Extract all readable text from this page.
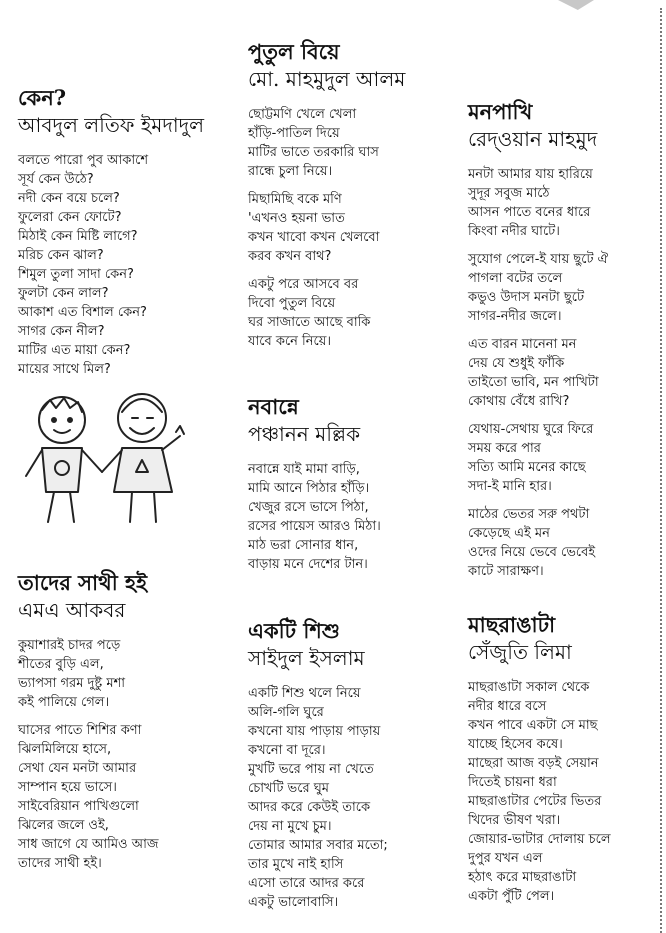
কেন?
আবদুল লতিফ ইমদাদুল
বলতে পারো পুব আকাশে
সূর্য কেন উঠে?
নদী কেন বয়ে চলে?
ফুলেরা কেন ফোটে?
মিঠাই কেন মিষ্টি লাগে?
মরিচ কেন ঝাল?
শিমুল তুলা সাদা কেন?
ফুলটা কেন লাল?
আকাশ এত বিশাল কেন?
সাগর কেন নীল?
মাটির এত মায়া কেন?
মায়ের সাথে মিল?
তাদের সাথী হই
এমএ আকবর
কুয়াশারই চাদর পড়ে
শীতের বুড়ি এল,
ভ্যাপসা গরম দুষ্টু মশা
কই পালিয়ে গেল।
ঘাসের পাতে শিশির কণা
ঝিলমিলিয়ে হাসে,
সেথা যেন মনটা আমার
সাম্পান হয়ে ভাসে।
সাইবেরিয়ান পাখিগুলো
ঝিলের জলে ওই,
সাধ জাগে যে আমিও আজ
তাদের সাথী হই।
পুতুল বিয়ে
মো. মাহমুদুল আলম
ছোট্টমণি খেলে খেলা
হাঁড়ি-পাতিল দিয়ে
মাটির ভাতে তরকারি ঘাস
রান্ধে চুলা নিয়ে।
মিছামিছি বকে মণি
'এখনও হয়না ভাত
কখন খাবো কখন খেলবো
করব কখন বাথ?
একটু পরে আসবে বর
দিবো পুতুল বিয়ে
ঘর সাজাতে আছে বাকি
যাবে কনে নিয়ে।
নবান্নে
পঞ্চানন মল্লিক
নবান্নে যাই মামা বাড়ি,
মামি আনে পিঠার হাঁড়ি।
খেজুর রসে ভাসে পিঠা,
রসের পায়েস আরও মিঠা।
মাঠ ভরা সোনার ধান,
বাড়ায় মনে দেশের টান।
একটি শিশু
সাইদুল ইসলাম
একটি শিশু থলে নিয়ে
অলি-গলি ঘুরে
কখনো যায় পাড়ায় পাড়ায়
কখনো বা দূরে।
মুখটি ভরে পায় না খেতে
চোখটি ভরে ঘুম
আদর করে কেউই তাকে
দেয় না মুখে চুম।
তোমার আমার সবার মতো;
তার মুখে নাই হাসি
এসো তারে আদর করে
একটু ভালোবাসি।
মনপাখি
রেদ্ওয়ান মাহমুদ
মনটা আমার যায় হারিয়ে
সুদূর সবুজ মাঠে
আসন পাতে বনের ধারে
কিংবা নদীর ঘাটে।
সুযোগ পেলে-ই যায় ছুটে ঐ
পাগলা বটের তলে
কভুও উদাস মনটা ছুটে
সাগর-নদীর জলে।
এত বারন মানেনা মন
দেয় যে শুধুই ফাঁকি
তাইতো ভাবি, মন পাখিটা
কোথায় বেঁধে রাখি?
যেথায়-সেথায় ঘুরে ফিরে
সময় করে পার
সত্যি আমি মনের কাছে
সদা-ই মানি হার।
মাঠের ভেতর সরু পথটা
কেড়েছে এই মন
ওদের নিয়ে ভেবে ভেবেই
কাটে সারাক্ষণ।
মাছরাঙাটা
সেঁজুতি লিমা
মাছরাঙাটা সকাল থেকে
নদীর ধারে বসে
কখন পাবে একটা সে মাছ
যাচ্ছে হিসেব কষে।
মাছেরা আজ বড়ই সেয়ান
দিতেই চায়না ধরা
মাছরাঙাটার পেটের ভিতর
খিদের ভীষণ খরা।
জোয়ার-ভাটার দোলায় চলে
দুপুর যখন এল
হঠাৎ করে মাছরাঙাটা
একটা পুঁটি পেল।
